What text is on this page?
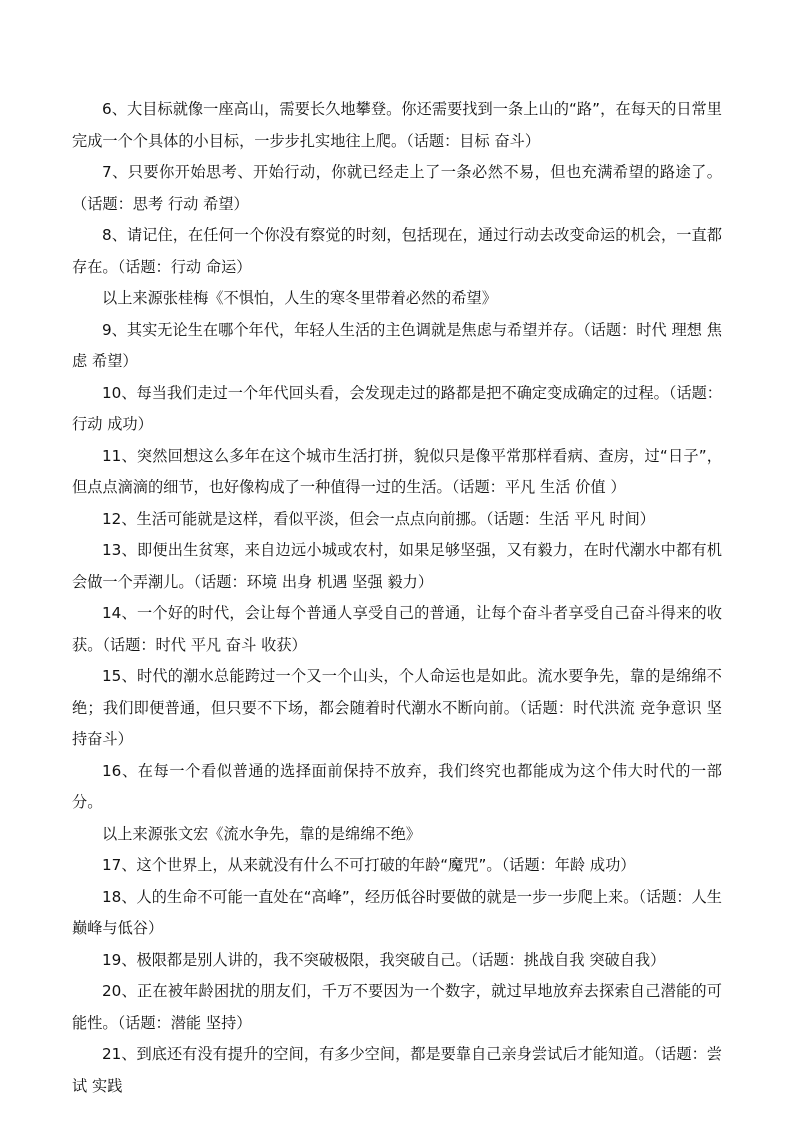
6、大目标就像一座高山，需要长久地攀登。你还需要找到一条上山的“路”，在每天的日常里完成一个个具体的小目标，一步步扎实地往上爬。（话题：目标 奋斗）

7、只要你开始思考、开始行动，你就已经走上了一条必然不易，但也充满希望的路途了。（话题：思考 行动 希望）

8、请记住，在任何一个你没有察觉的时刻，包括现在，通过行动去改变命运的机会，一直都存在。（话题：行动 命运）

以上来源张桂梅《不惧怕，人生的寒冬里带着必然的希望》

9、其实无论生在哪个年代，年轻人生活的主色调就是焦虑与希望并存。（话题：时代 理想 焦虑 希望）

10、每当我们走过一个年代回头看，会发现走过的路都是把不确定变成确定的过程。（话题：行动 成功）

11、突然回想这么多年在这个城市生活打拼，貌似只是像平常那样看病、查房，过“日子”，但点点滴滴的细节，也好像构成了一种值得一过的生活。（话题：平凡 生活 价值 ）

12、生活可能就是这样，看似平淡，但会一点点向前挪。（话题：生活 平凡 时间）

13、即便出生贫寒，来自边远小城或农村，如果足够坚强，又有毅力，在时代潮水中都有机会做一个弄潮儿。（话题：环境 出身 机遇 坚强 毅力）

14、一个好的时代，会让每个普通人享受自己的普通，让每个奋斗者享受自己奋斗得来的收获。（话题：时代 平凡 奋斗 收获）

15、时代的潮水总能跨过一个又一个山头，个人命运也是如此。流水要争先，靠的是绵绵不绝；我们即便普通，但只要不下场，都会随着时代潮水不断向前。（话题：时代洪流 竞争意识 坚持奋斗）

16、在每一个看似普通的选择面前保持不放弃，我们终究也都能成为这个伟大时代的一部分。

以上来源张文宏《流水争先，靠的是绵绵不绝》

17、这个世界上，从来就没有什么不可打破的年龄“魔咒”。（话题：年龄 成功）

18、人的生命不可能一直处在“高峰”，经历低谷时要做的就是一步一步爬上来。（话题：人生 巅峰与低谷）

19、极限都是别人讲的，我不突破极限，我突破自己。（话题：挑战自我 突破自我）

20、正在被年龄困扰的朋友们，千万不要因为一个数字，就过早地放弃去探索自己潜能的可能性。（话题：潜能 坚持）

21、到底还有没有提升的空间，有多少空间，都是要靠自己亲身尝试后才能知道。（话题：尝试 实践
